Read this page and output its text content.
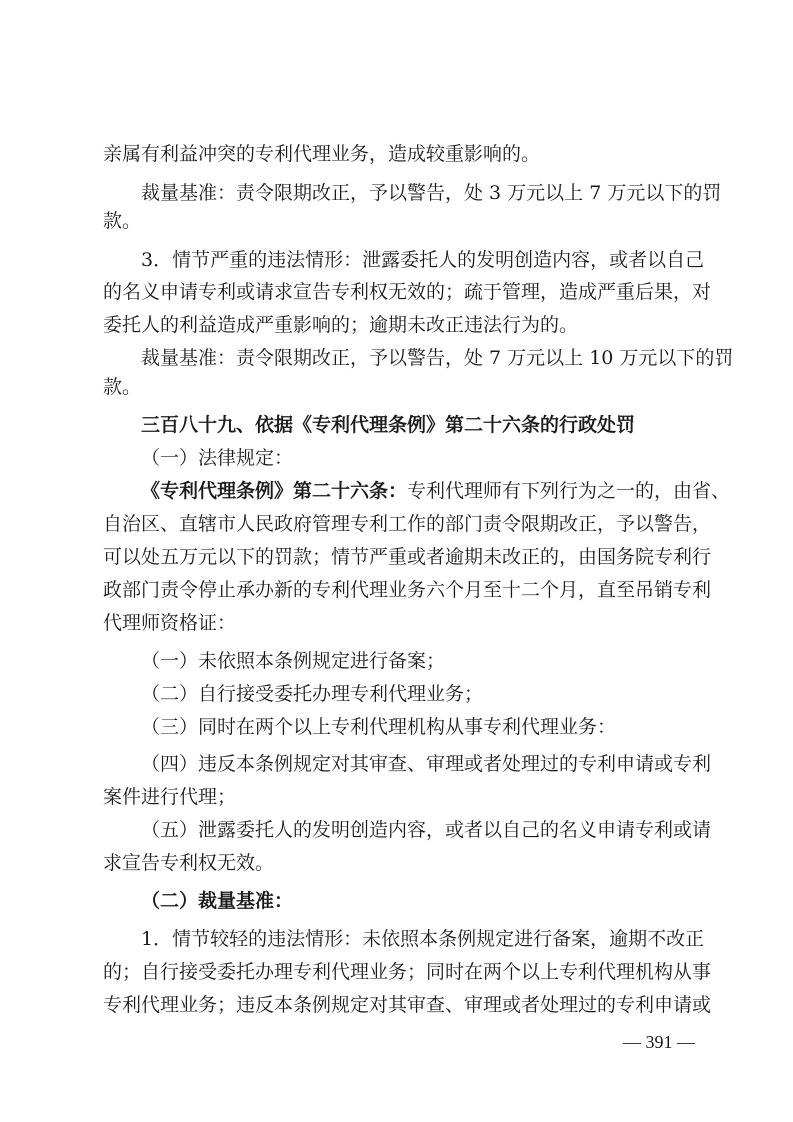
亲属有利益冲突的专利代理业务，造成较重影响的。
裁量基准：责令限期改正，予以警告，处 3 万元以上 7 万元以下的罚
款。
3．情节严重的违法情形：泄露委托人的发明创造内容，或者以自己
的名义申请专利或请求宣告专利权无效的；疏于管理，造成严重后果，对
委托人的利益造成严重影响的；逾期未改正违法行为的。
裁量基准：责令限期改正，予以警告，处 7 万元以上 10 万元以下的罚
款。
三百八十九、依据《专利代理条例》第二十六条的行政处罚
（一）法律规定：
《专利代理条例》第二十六条：专利代理师有下列行为之一的，由省、
自治区、直辖市人民政府管理专利工作的部门责令限期改正，予以警告，
可以处五万元以下的罚款；情节严重或者逾期未改正的，由国务院专利行
政部门责令停止承办新的专利代理业务六个月至十二个月，直至吊销专利
代理师资格证：
（一）未依照本条例规定进行备案；
（二）自行接受委托办理专利代理业务；
（三）同时在两个以上专利代理机构从事专利代理业务：
（四）违反本条例规定对其审查、审理或者处理过的专利申请或专利
案件进行代理；
（五）泄露委托人的发明创造内容，或者以自己的名义申请专利或请
求宣告专利权无效。
（二）裁量基准：
1．情节较轻的违法情形：未依照本条例规定进行备案，逾期不改正
的；自行接受委托办理专利代理业务；同时在两个以上专利代理机构从事
专利代理业务；违反本条例规定对其审查、审理或者处理过的专利申请或
— 391 —
